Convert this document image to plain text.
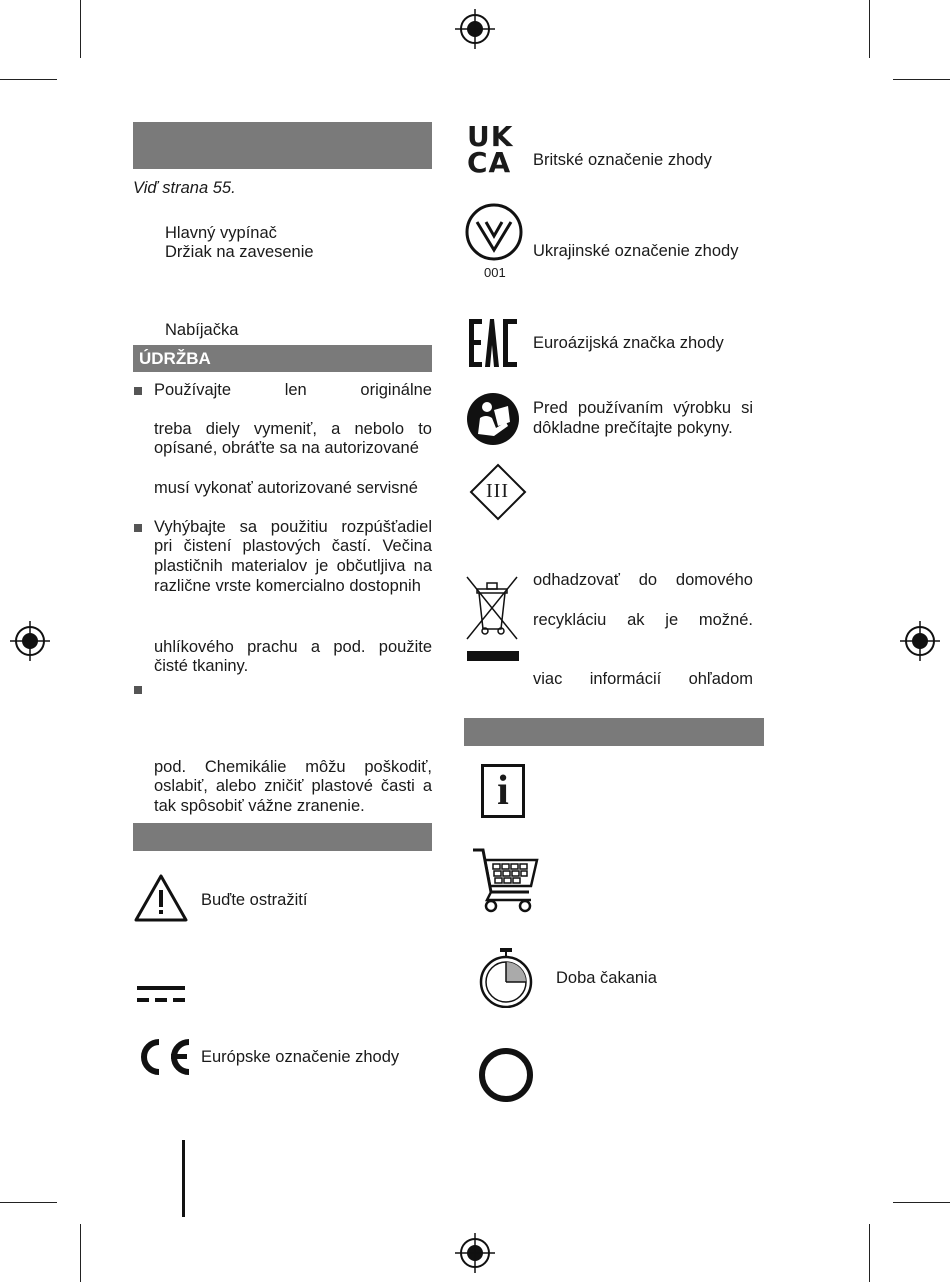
Viď strana 55.
Hlavný vypínač
Držiak na zavesenie
Nabíjačka
ÚDRŽBA
Používajte	len	originálne
treba diely vymeniť, a nebolo to
opísané, obráťte sa na autorizované
musí vykonať autorizované servisné
Vyhýbajte sa použitiu rozpúšťadiel
pri čistení plastových častí. Večina
plastičnih materialov je občutljiva na
različne vrste komercialno dostopnih
uhlíkového prachu a pod. použite
čisté tkaniny.
pod. Chemikálie môžu poškodiť,
oslabiť, alebo zničiť plastové časti a
tak spôsobiť vážne zranenie.
Buďte ostražití
Európske označenie zhody
UK CA Britské označenie zhody
001
Ukrajinské označenie zhody
Euroázijská značka zhody
Pred používaním výrobku si
dôkladne prečítajte pokyny.
III
odhadzovať do domového
recykláciu ak je možné.
viac informácií ohľadom
i
Doba čakania
